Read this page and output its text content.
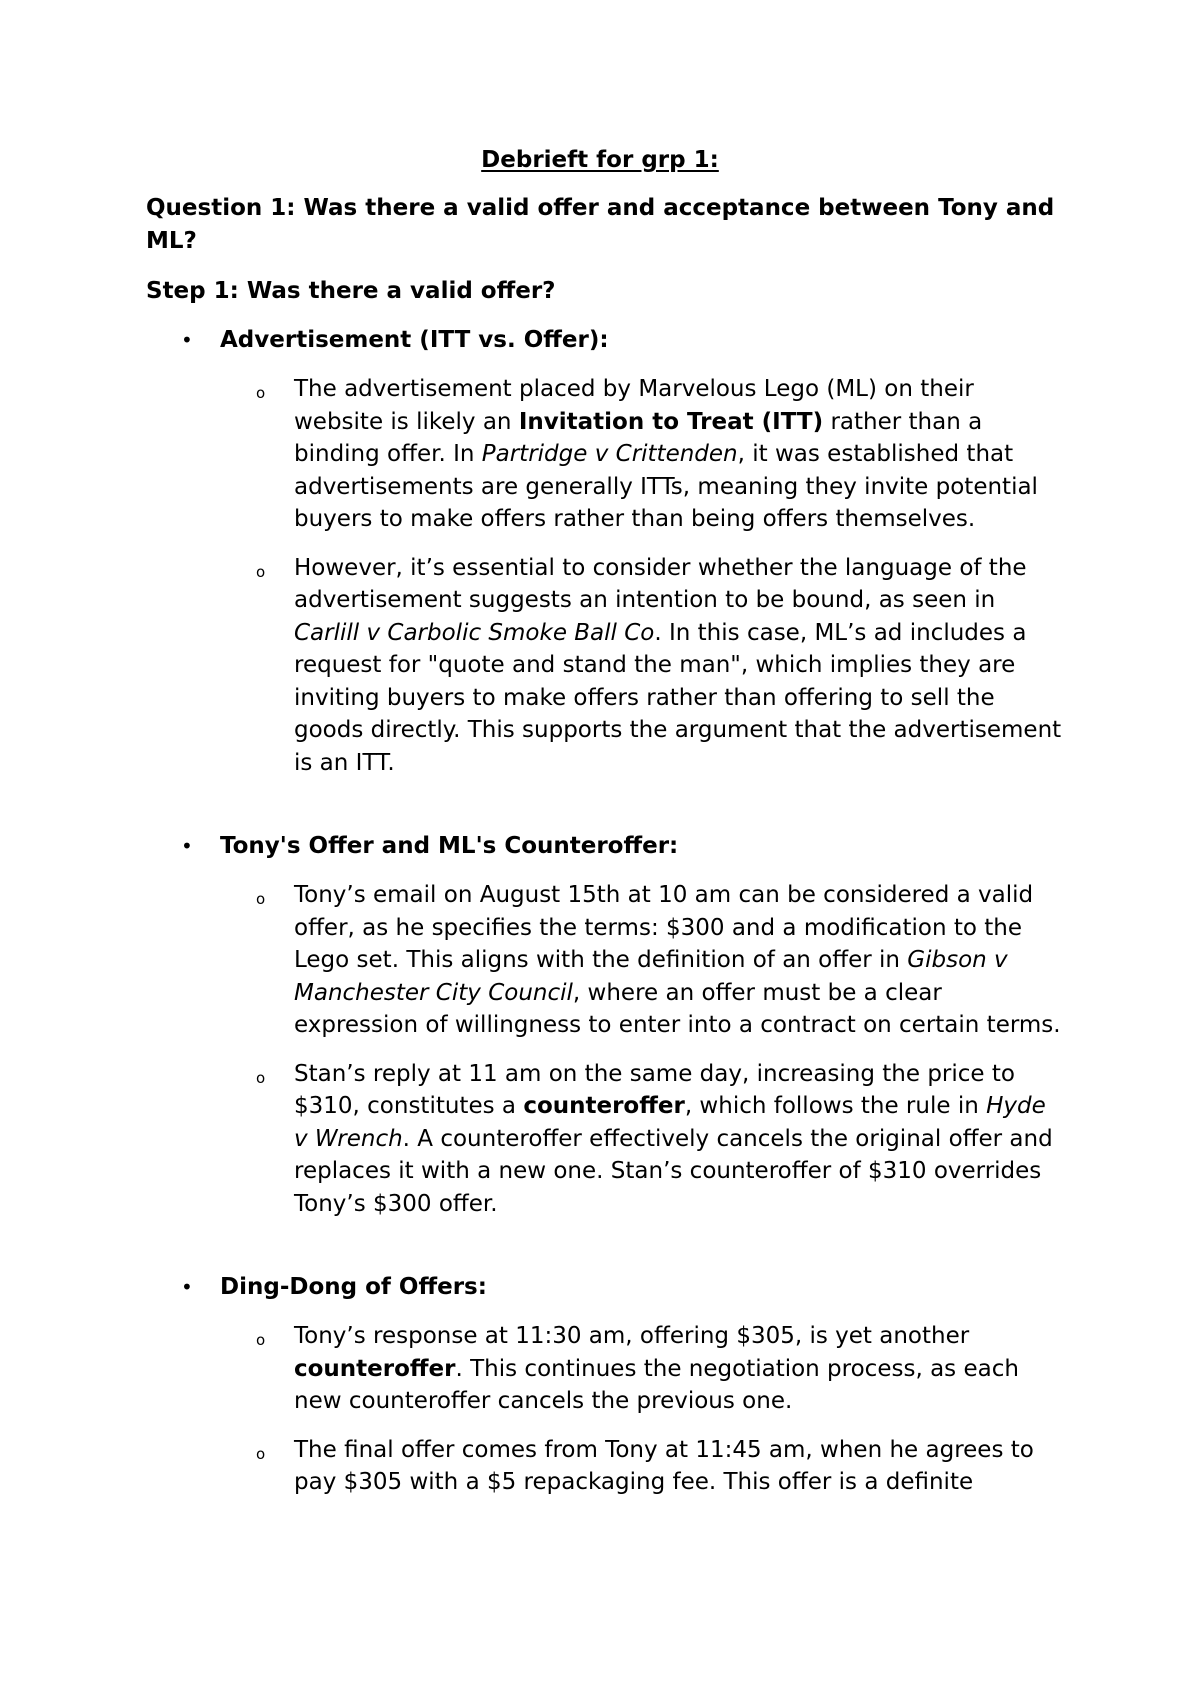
Debrieft for grp 1:
Question 1: Was there a valid offer and acceptance between Tony and ML?
Step 1: Was there a valid offer?
• Advertisement (ITT vs. Offer):
o The advertisement placed by Marvelous Lego (ML) on their website is likely an Invitation to Treat (ITT) rather than a binding offer. In Partridge v Crittenden, it was established that advertisements are generally ITTs, meaning they invite potential buyers to make offers rather than being offers themselves.
o However, it’s essential to consider whether the language of the advertisement suggests an intention to be bound, as seen in Carlill v Carbolic Smoke Ball Co. In this case, ML’s ad includes a request for "quote and stand the man", which implies they are inviting buyers to make offers rather than offering to sell the goods directly. This supports the argument that the advertisement is an ITT.
• Tony's Offer and ML's Counteroffer:
o Tony’s email on August 15th at 10 am can be considered a valid offer, as he specifies the terms: $300 and a modification to the Lego set. This aligns with the definition of an offer in Gibson v Manchester City Council, where an offer must be a clear expression of willingness to enter into a contract on certain terms.
o Stan’s reply at 11 am on the same day, increasing the price to $310, constitutes a counteroffer, which follows the rule in Hyde v Wrench. A counteroffer effectively cancels the original offer and replaces it with a new one. Stan’s counteroffer of $310 overrides Tony’s $300 offer.
• Ding-Dong of Offers:
o Tony’s response at 11:30 am, offering $305, is yet another counteroffer. This continues the negotiation process, as each new counteroffer cancels the previous one.
o The final offer comes from Tony at 11:45 am, when he agrees to pay $305 with a $5 repackaging fee. This offer is a definite
